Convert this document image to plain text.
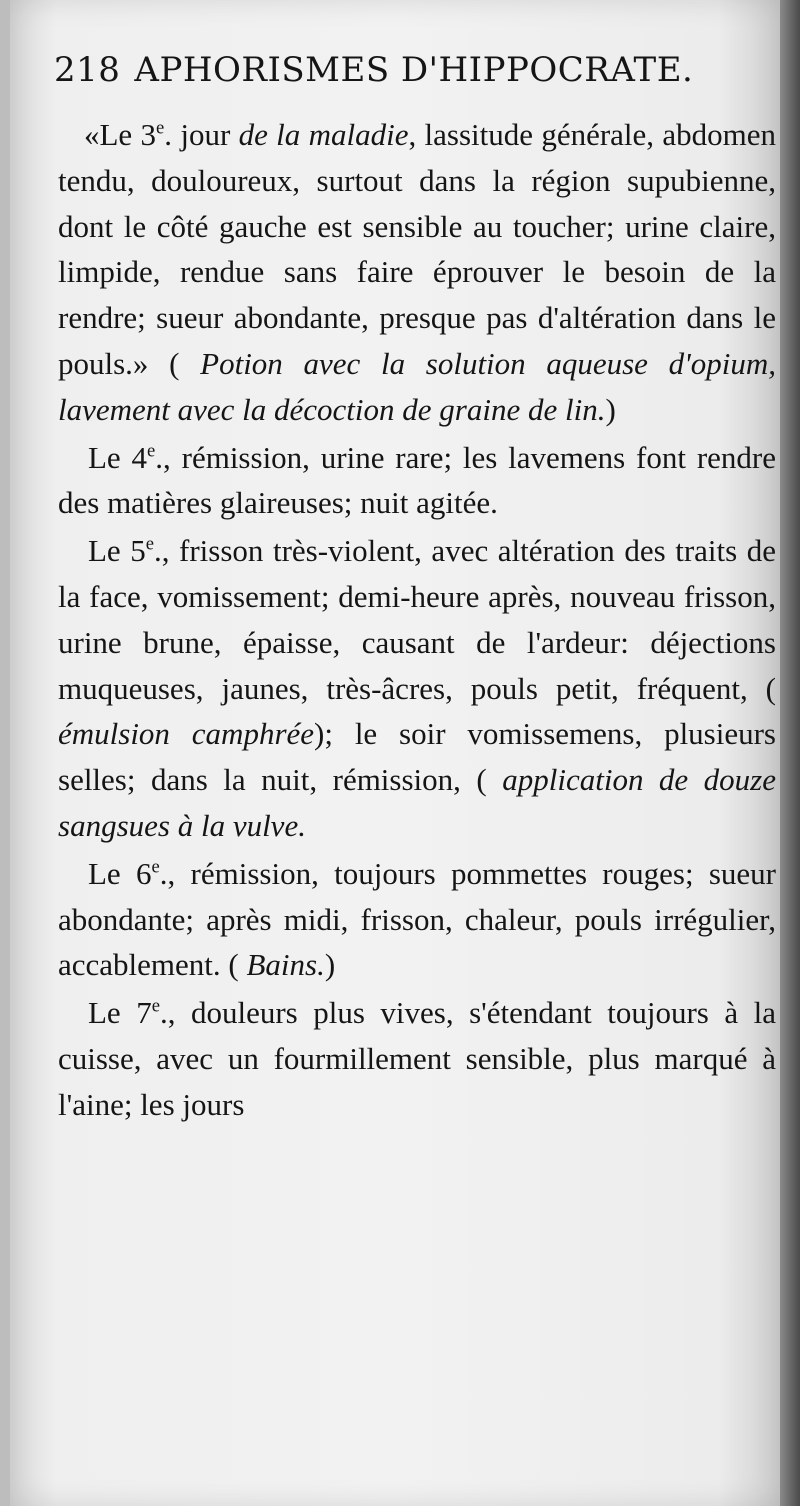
218 APHORISMES D'HIPPOCRATE.

«Le 3e. jour de la maladie, lassitude générale, abdomen tendu, douloureux, surtout dans la région supubienne, dont le côté gauche est sensible au toucher; urine claire, limpide, rendue sans faire éprouver le besoin de la rendre; sueur abondante, presque pas d'altération dans le pouls.» ( Potion avec la solution aqueuse d'opium, lavement avec la décoction de graine de lin.)

Le 4e., rémission, urine rare; les lavemens font rendre des matières glaireuses; nuit agitée.

Le 5e., frisson très-violent, avec altération des traits de la face, vomissement; demi-heure après, nouveau frisson, urine brune, épaisse, causant de l'ardeur: déjections muqueuses, jaunes, très-âcres, pouls petit, fréquent, ( émulsion camphrée); le soir vomissemens, plusieurs selles; dans la nuit, rémission, ( application de douze sangsues à la vulve.

Le 6e., rémission, toujours pommettes rouges; sueur abondante; après midi, frisson, chaleur, pouls irrégulier, accablement. ( Bains.)

Le 7e., douleurs plus vives, s'étendant toujours à la cuisse, avec un fourmillement sensible, plus marqué à l'aine; les jours
